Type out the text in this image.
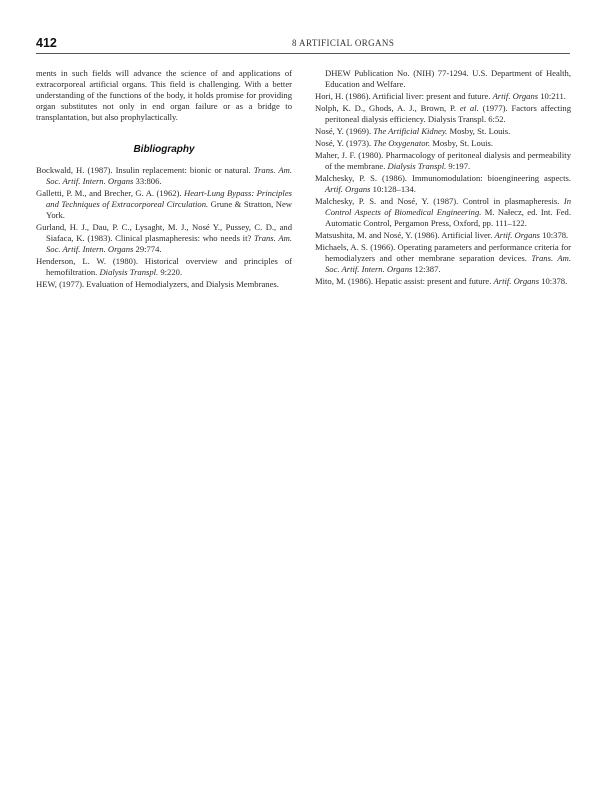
412	8 ARTIFICIAL ORGANS

ments in such fields will advance the science of and applications of extracorporeal artificial organs. This field is challenging. With a better understanding of the functions of the body, it holds promise for providing organ substitutes not only in end organ failure or as a bridge to transplantation, but also prophylactically.

Bibliography

Bockwald, H. (1987). Insulin replacement: bionic or natural. Trans. Am. Soc. Artif. Intern. Organs 33:806.

Galletti, P. M., and Brecher, G. A. (1962). Heart-Lung Bypass: Principles and Techniques of Extracorporeal Circulation. Grune & Stratton, New York.

Gurland, H. J., Dau, P. C., Lysaght, M. J., Nosé Y., Pussey, C. D., and Siafaca, K. (1983). Clinical plasmapheresis: who needs it? Trans. Am. Soc. Artif. Intern. Organs 29:774.

Henderson, L. W. (1980). Historical overview and principles of hemofiltration. Dialysis Transpl. 9:220.

HEW, (1977). Evaluation of Hemodialyzers, and Dialysis Membranes.

DHEW Publication No. (NIH) 77-1294. U.S. Department of Health, Education and Welfare.

Hori, H. (1986). Artificial liver: present and future. Artif. Organs 10:211.

Nolph, K. D., Ghods, A. J., Brown, P. et al. (1977). Factors affecting peritoneal dialysis efficiency. Dialysis Transpl. 6:52.

Nosé, Y. (1969). The Artificial Kidney. Mosby, St. Louis.

Nosé, Y. (1973). The Oxygenator. Mosby, St. Louis.

Maher, J. F. (1980). Pharmacology of peritoneal dialysis and permeability of the membrane. Dialysis Transpl. 9:197.

Malchesky, P. S. (1986). Immunomodulation: bioengineering aspects. Artif. Organs 10:128–134.

Malchesky, P. S. and Nosé, Y. (1987). Control in plasmapheresis. In Control Aspects of Biomedical Engineering. M. Nałecz, ed. Int. Fed. Automatic Control, Pergamon Press, Oxford, pp. 111–122.

Matsushita, M. and Nosé, Y. (1986). Artificial liver. Artif. Organs 10:378.

Michaels, A. S. (1966). Operating parameters and performance criteria for hemodialyzers and other membrane separation devices. Trans. Am. Soc. Artif. Intern. Organs 12:387.

Mito, M. (1986). Hepatic assist: present and future. Artif. Organs 10:378.
